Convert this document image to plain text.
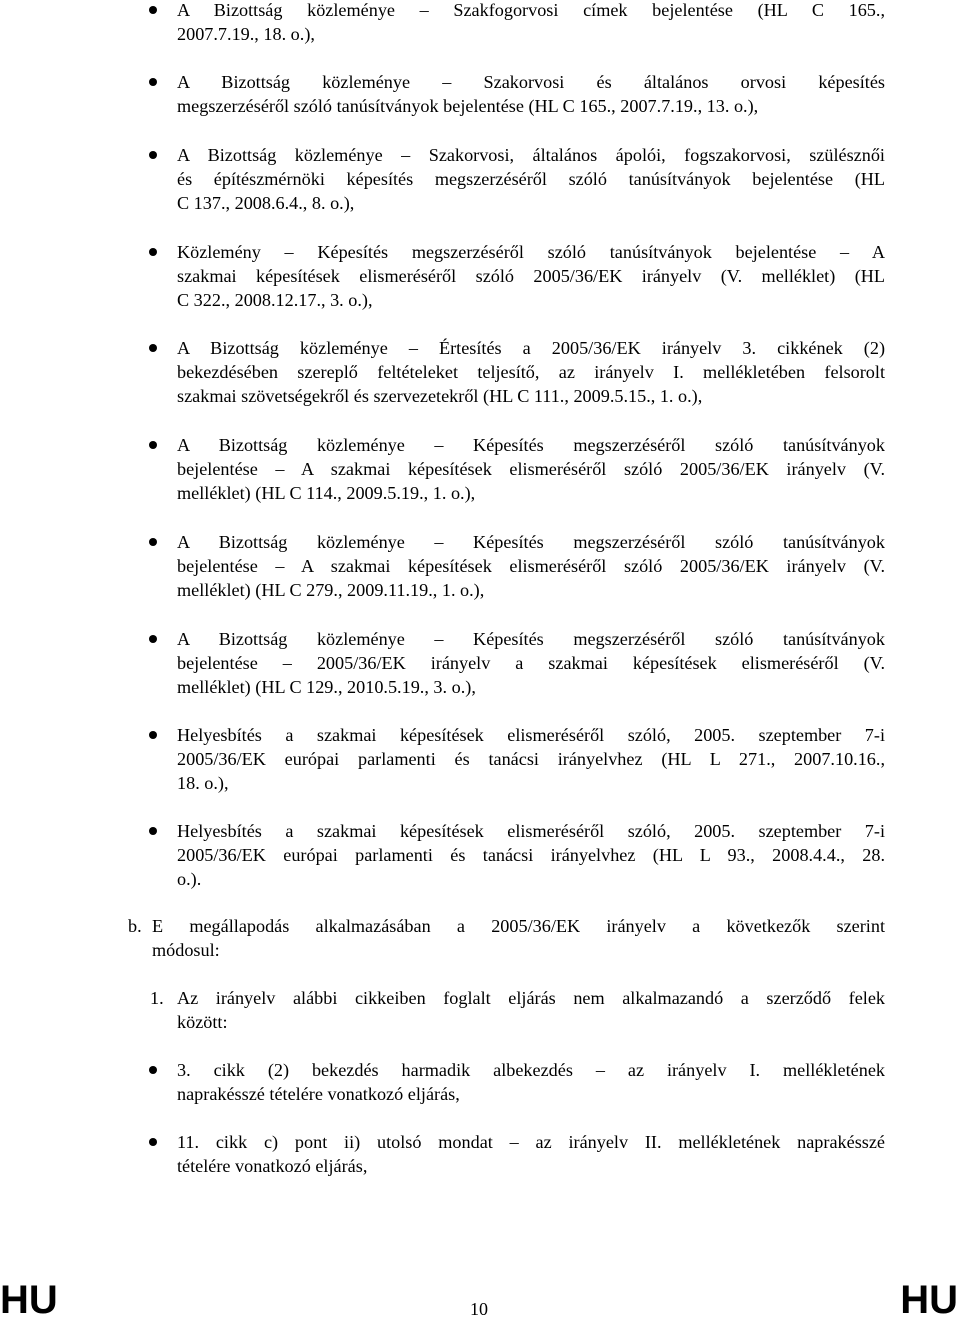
A Bizottság közleménye – Szakfogorvosi címek bejelentése (HL C 165.,
2007.7.19., 18. o.),
A Bizottság közleménye – Szakorvosi és általános orvosi képesítés
megszerzéséről szóló tanúsítványok bejelentése (HL C 165., 2007.7.19., 13. o.),
A Bizottság közleménye – Szakorvosi, általános ápolói, fogszakorvosi, szülésznői
és építészmérnöki képesítés megszerzéséről szóló tanúsítványok bejelentése (HL
C 137., 2008.6.4., 8. o.),
Közlemény – Képesítés megszerzéséről szóló tanúsítványok bejelentése – A
szakmai képesítések elismeréséről szóló 2005/36/EK irányelv (V. melléklet) (HL
C 322., 2008.12.17., 3. o.),
A Bizottság közleménye – Értesítés a 2005/36/EK irányelv 3. cikkének (2)
bekezdésében szereplő feltételeket teljesítő, az irányelv I. mellékletében felsorolt
szakmai szövetségekről és szervezetekről (HL C 111., 2009.5.15., 1. o.),
A Bizottság közleménye – Képesítés megszerzéséről szóló tanúsítványok
bejelentése – A szakmai képesítések elismeréséről szóló 2005/36/EK irányelv (V.
melléklet) (HL C 114., 2009.5.19., 1. o.),
A Bizottság közleménye – Képesítés megszerzéséről szóló tanúsítványok
bejelentése – A szakmai képesítések elismeréséről szóló 2005/36/EK irányelv (V.
melléklet) (HL C 279., 2009.11.19., 1. o.),
A Bizottság közleménye – Képesítés megszerzéséről szóló tanúsítványok
bejelentése – 2005/36/EK irányelv a szakmai képesítések elismeréséről (V.
melléklet) (HL C 129., 2010.5.19., 3. o.),
Helyesbítés a szakmai képesítések elismeréséről szóló, 2005. szeptember 7-i
2005/36/EK európai parlamenti és tanácsi irányelvhez (HL L 271., 2007.10.16.,
18. o.),
Helyesbítés a szakmai képesítések elismeréséről szóló, 2005. szeptember 7-i
2005/36/EK európai parlamenti és tanácsi irányelvhez (HL L 93., 2008.4.4., 28.
o.).
b. E megállapodás alkalmazásában a 2005/36/EK irányelv a következők szerint
módosul:
1. Az irányelv alábbi cikkeiben foglalt eljárás nem alkalmazandó a szerződő felek
között:
3. cikk (2) bekezdés harmadik albekezdés – az irányelv I. mellékletének
naprakésszé tételére vonatkozó eljárás,
11. cikk c) pont ii) utolsó mondat – az irányelv II. mellékletének naprakésszé
tételére vonatkozó eljárás,
HU	10	HU
